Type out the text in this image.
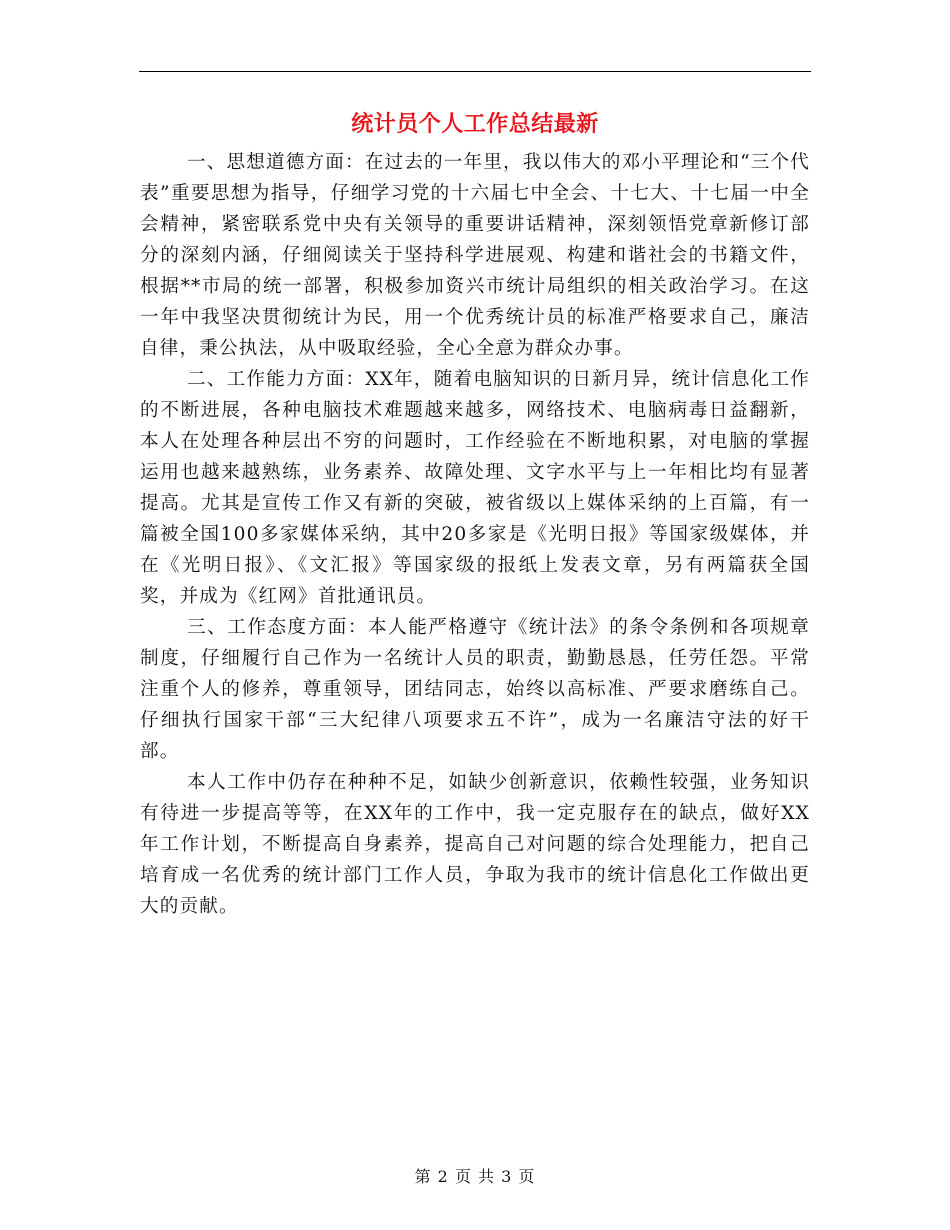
统计员个人工作总结最新

一、思想道德方面：在过去的一年里，我以伟大的邓小平理论和“三个代表”重要思想为指导，仔细学习党的十六届七中全会、十七大、十七届一中全会精神，紧密联系党中央有关领导的重要讲话精神，深刻领悟党章新修订部分的深刻内涵，仔细阅读关于坚持科学进展观、构建和谐社会的书籍文件，根据**市局的统一部署，积极参加资兴市统计局组织的相关政治学习。在这一年中我坚决贯彻统计为民，用一个优秀统计员的标准严格要求自己，廉洁自律，秉公执法，从中吸取经验，全心全意为群众办事。

二、工作能力方面：XX年，随着电脑知识的日新月异，统计信息化工作的不断进展，各种电脑技术难题越来越多，网络技术、电脑病毒日益翻新，本人在处理各种层出不穷的问题时，工作经验在不断地积累，对电脑的掌握运用也越来越熟练，业务素养、故障处理、文字水平与上一年相比均有显著提高。尤其是宣传工作又有新的突破，被省级以上媒体采纳的上百篇，有一篇被全国100多家媒体采纳，其中20多家是《光明日报》等国家级媒体，并在《光明日报》、《文汇报》等国家级的报纸上发表文章，另有两篇获全国奖，并成为《红网》首批通讯员。

三、工作态度方面：本人能严格遵守《统计法》的条令条例和各项规章制度，仔细履行自己作为一名统计人员的职责，勤勤恳恳，任劳任怨。平常注重个人的修养，尊重领导，团结同志，始终以高标准、严要求磨练自己。仔细执行国家干部“三大纪律八项要求五不许”，成为一名廉洁守法的好干部。

本人工作中仍存在种种不足，如缺少创新意识，依赖性较强，业务知识有待进一步提高等等，在XX年的工作中，我一定克服存在的缺点，做好XX 年工作计划，不断提高自身素养，提高自己对问题的综合处理能力，把自己培育成一名优秀的统计部门工作人员，争取为我市的统计信息化工作做出更大的贡献。

第 2 页 共 3 页
